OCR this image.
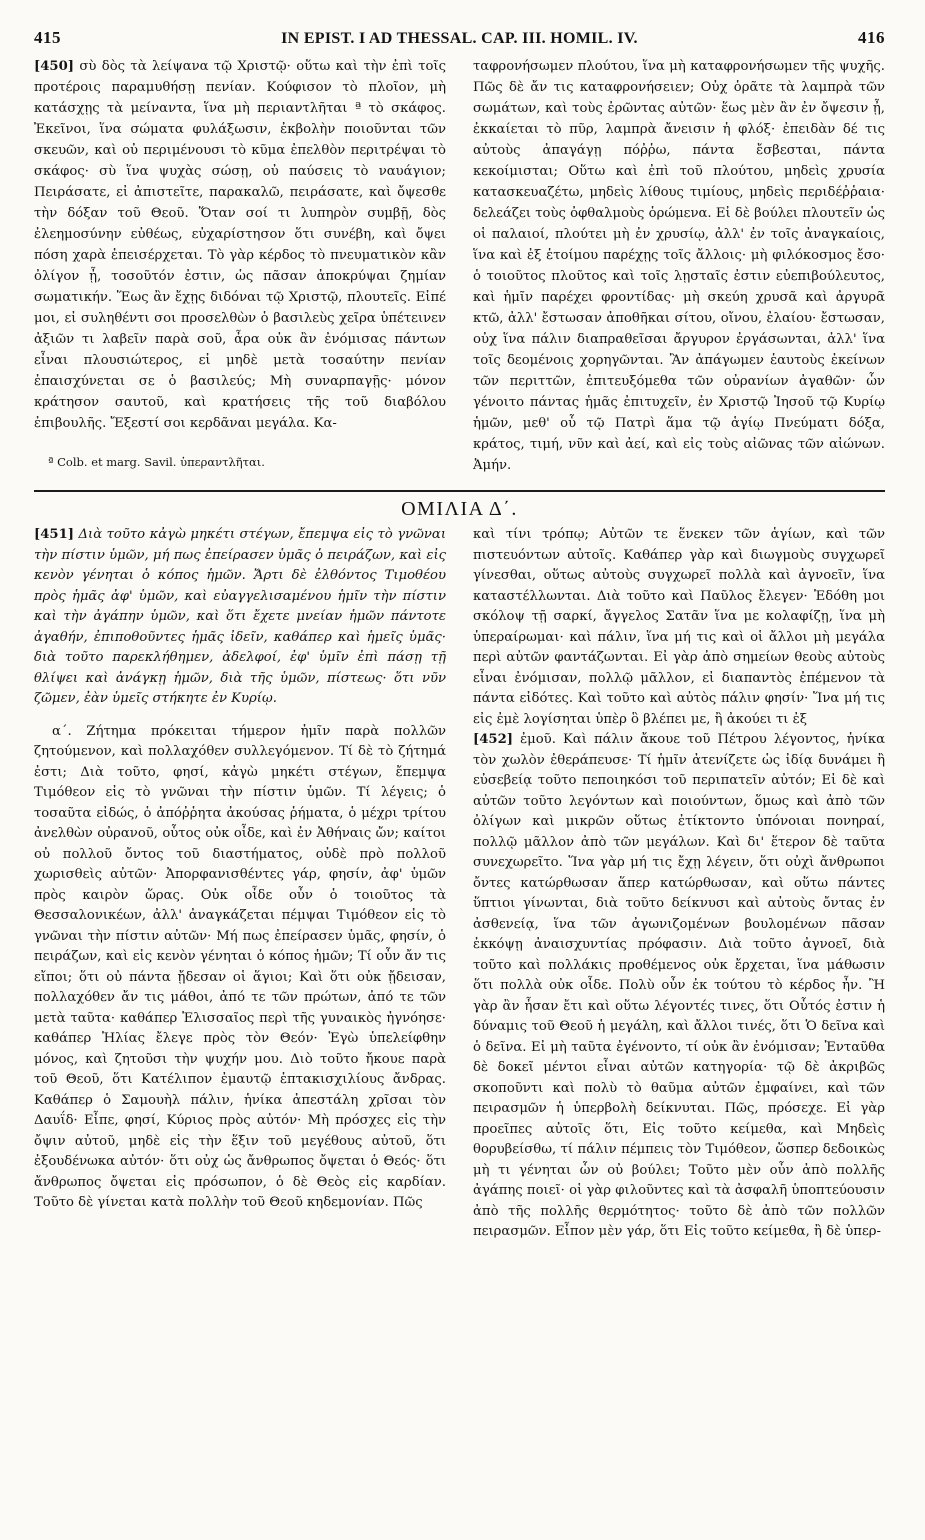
415	IN EPIST. I AD THESSAL. CAP. III. HOMIL. IV.	416

[450] σὺ δὸς τὰ λείψανα τῷ Χριστῷ· οὕτω καὶ τὴν ἐπὶ τοῖς προτέροις παραμυθήσῃ πενίαν. Κούφισον τὸ πλοῖον, μὴ κατάσχῃς τὰ μείναντα, ἵνα μὴ περιαντλῆται ª τὸ σκάφος. Ἐκεῖνοι, ἵνα σώματα φυλάξωσιν, ἐκβολὴν ποιοῦνται τῶν σκευῶν, καὶ οὐ περιμένουσι τὸ κῦμα ἐπελθὸν περιτρέψαι τὸ σκάφος· σὺ ἵνα ψυχὰς σώσῃ, οὐ παύσεις τὸ ναυάγιον; Πειράσατε, εἰ ἀπιστεῖτε, παρακαλῶ, πειράσατε, καὶ ὄψεσθε τὴν δόξαν τοῦ Θεοῦ. Ὅταν σοί τι λυπηρὸν συμβῇ, δὸς ἐλεημοσύνην εὐθέως, εὐχαρίστησον ὅτι συνέβη, καὶ ὄψει πόση χαρὰ ἐπεισέρχεται. Τὸ γὰρ κέρδος τὸ πνευματικὸν κἂν ὀλίγον ᾖ, τοσοῦτόν ἐστιν, ὡς πᾶσαν ἀποκρύψαι ζημίαν σωματικήν. Ἕως ἂν ἔχῃς διδόναι τῷ Χριστῷ, πλουτεῖς. Εἰπέ μοι, εἰ συληθέντι σοι προσελθὼν ὁ βασιλεὺς χεῖρα ὑπέτεινεν ἀξιῶν τι λαβεῖν παρὰ σοῦ, ἆρα οὐκ ἂν ἐνόμισας πάντων εἶναι πλουσιώτερος, εἰ μηδὲ μετὰ τοσαύτην πενίαν ἐπαισχύνεται σε ὁ βασιλεύς; Μὴ συναρπαγῇς· μόνον κράτησον σαυτοῦ, καὶ κρατήσεις τῆς τοῦ διαβόλου ἐπιβουλῆς. Ἔξεστί σοι κερδᾶναι μεγάλα. Κα-

ª Colb. et marg. Savil. ὑπεραντλῆται.

ταφρονήσωμεν πλούτου, ἵνα μὴ καταφρονήσωμεν τῆς ψυχῆς. Πῶς δὲ ἄν τις καταφρονήσειεν; Οὐχ ὁρᾶτε τὰ λαμπρὰ τῶν σωμάτων, καὶ τοὺς ἐρῶντας αὐτῶν· ἕως μὲν ἂν ἐν ὄψεσιν ᾖ, ἐκκαίεται τὸ πῦρ, λαμπρὰ ἄνεισιν ἡ φλόξ· ἐπειδὰν δέ τις αὐτοὺς ἀπαγάγῃ πόῤῥω, πάντα ἔσβεσται, πάντα κεκοίμισται; Οὕτω καὶ ἐπὶ τοῦ πλούτου, μηδεὶς χρυσία κατασκευαζέτω, μηδεὶς λίθους τιμίους, μηδεὶς περιδέῤῥαια· δελεάζει τοὺς ὀφθαλμοὺς ὁρώμενα. Εἰ δὲ βούλει πλουτεῖν ὡς οἱ παλαιοί, πλούτει μὴ ἐν χρυσίῳ, ἀλλ' ἐν τοῖς ἀναγκαίοις, ἵνα καὶ ἐξ ἑτοίμου παρέχῃς τοῖς ἄλλοις· μὴ φιλόκοσμος ἔσο· ὁ τοιοῦτος πλοῦτος καὶ τοῖς λῃσταῖς ἐστιν εὐεπιβούλευτος, καὶ ἡμῖν παρέχει φροντίδας· μὴ σκεύη χρυσᾶ καὶ ἀργυρᾶ κτῶ, ἀλλ' ἔστωσαν ἀποθῆκαι σίτου, οἴνου, ἐλαίου· ἔστωσαν, οὐχ ἵνα πάλιν διαπραθεῖσαι ἄργυρον ἐργάσωνται, ἀλλ' ἵνα τοῖς δεομένοις χορηγῶνται. Ἂν ἀπάγωμεν ἑαυτοὺς ἐκείνων τῶν περιττῶν, ἐπιτευξόμεθα τῶν οὐρανίων ἀγαθῶν· ὧν γένοιτο πάντας ἡμᾶς ἐπιτυχεῖν, ἐν Χριστῷ Ἰησοῦ τῷ Κυρίῳ ἡμῶν, μεθ' οὗ τῷ Πατρὶ ἅμα τῷ ἁγίῳ Πνεύματι δόξα, κράτος, τιμή, νῦν καὶ ἀεί, καὶ εἰς τοὺς αἰῶνας τῶν αἰώνων. Ἀμήν.

ΟΜΙΛΙΑ Δ΄.

[451] Διὰ τοῦτο κἀγὼ μηκέτι στέγων, ἔπεμψα εἰς τὸ γνῶναι τὴν πίστιν ὑμῶν, μή πως ἐπείρασεν ὑμᾶς ὁ πειράζων, καὶ εἰς κενὸν γένηται ὁ κόπος ἡμῶν. Ἄρτι δὲ ἐλθόντος Τιμοθέου πρὸς ἡμᾶς ἀφ' ὑμῶν, καὶ εὐαγγελισαμένου ἡμῖν τὴν πίστιν καὶ τὴν ἀγάπην ὑμῶν, καὶ ὅτι ἔχετε μνείαν ἡμῶν πάντοτε ἀγαθήν, ἐπιποθοῦντες ἡμᾶς ἰδεῖν, καθάπερ καὶ ἡμεῖς ὑμᾶς· διὰ τοῦτο παρεκλήθημεν, ἀδελφοί, ἐφ' ὑμῖν ἐπὶ πάσῃ τῇ θλίψει καὶ ἀνάγκῃ ἡμῶν, διὰ τῆς ὑμῶν, πίστεως· ὅτι νῦν ζῶμεν, ἐὰν ὑμεῖς στήκητε ἐν Κυρίῳ.

α΄. Ζήτημα πρόκειται τήμερον ἡμῖν παρὰ πολλῶν ζητούμενον, καὶ πολλαχόθεν συλλεγόμενον. Τί δὲ τὸ ζήτημά ἐστι; Διὰ τοῦτο, φησί, κἀγὼ μηκέτι στέγων, ἔπεμψα Τιμόθεον εἰς τὸ γνῶναι τὴν πίστιν ὑμῶν. Τί λέγεις; ὁ τοσαῦτα εἰδώς, ὁ ἀπόῤῥητα ἀκούσας ῥήματα, ὁ μέχρι τρίτου ἀνελθὼν οὐρανοῦ, οὗτος οὐκ οἶδε, καὶ ἐν Ἀθήναις ὤν; καίτοι οὐ πολλοῦ ὄντος τοῦ διαστήματος, οὐδὲ πρὸ πολλοῦ χωρισθεὶς αὐτῶν· Ἀπορφανισθέντες γάρ, φησίν, ἀφ' ὑμῶν πρὸς καιρὸν ὥρας. Οὐκ οἶδε οὖν ὁ τοιοῦτος τὰ Θεσσαλονικέων, ἀλλ' ἀναγκάζεται πέμψαι Τιμόθεον εἰς τὸ γνῶναι τὴν πίστιν αὐτῶν· Μή πως ἐπείρασεν ὑμᾶς, φησίν, ὁ πειράζων, καὶ εἰς κενὸν γένηται ὁ κόπος ἡμῶν; Τί οὖν ἄν τις εἴποι; ὅτι οὐ πάντα ᾔδεσαν οἱ ἅγιοι; Καὶ ὅτι οὐκ ᾔδεισαν, πολλαχόθεν ἄν τις μάθοι, ἀπό τε τῶν πρώτων, ἀπό τε τῶν μετὰ ταῦτα· καθάπερ Ἐλισσαῖος περὶ τῆς γυναικὸς ἠγνόησε· καθάπερ Ἠλίας ἔλεγε πρὸς τὸν Θεόν· Ἐγὼ ὑπελείφθην μόνος, καὶ ζητοῦσι τὴν ψυχήν μου. Διὸ τοῦτο ἤκουε παρὰ τοῦ Θεοῦ, ὅτι Κατέλιπον ἐμαυτῷ ἑπτακισχιλίους ἄνδρας. Καθάπερ ὁ Σαμουὴλ πάλιν, ἡνίκα ἀπεστάλη χρῖσαι τὸν Δαυΐδ· Εἶπε, φησί, Κύριος πρὸς αὐτόν· Μὴ πρόσχες εἰς τὴν ὄψιν αὐτοῦ, μηδὲ εἰς τὴν ἕξιν τοῦ μεγέθους αὐτοῦ, ὅτι ἐξουδένωκα αὐτόν· ὅτι οὐχ ὡς ἄνθρωπος ὄψεται ὁ Θεός· ὅτι ἄνθρωπος ὄψεται εἰς πρόσωπον, ὁ δὲ Θεὸς εἰς καρδίαν. Τοῦτο δὲ γίνεται κατὰ πολλὴν τοῦ Θεοῦ κηδεμονίαν. Πῶς

καὶ τίνι τρόπῳ; Αὐτῶν τε ἕνεκεν τῶν ἁγίων, καὶ τῶν πιστευόντων αὐτοῖς. Καθάπερ γὰρ καὶ διωγμοὺς συγχωρεῖ γίνεσθαι, οὕτως αὐτοὺς συγχωρεῖ πολλὰ καὶ ἀγνοεῖν, ἵνα καταστέλλωνται. Διὰ τοῦτο καὶ Παῦλος ἔλεγεν· Ἐδόθη μοι σκόλοψ τῇ σαρκί, ἄγγελος Σατᾶν ἵνα με κολαφίζῃ, ἵνα μὴ ὑπεραίρωμαι· καὶ πάλιν, ἵνα μή τις καὶ οἱ ἄλλοι μὴ μεγάλα περὶ αὐτῶν φαντάζωνται. Εἰ γὰρ ἀπὸ σημείων θεοὺς αὐτοὺς εἶναι ἐνόμισαν, πολλῷ μᾶλλον, εἰ διαπαντὸς ἐπέμενον τὰ πάντα εἰδότες. Καὶ τοῦτο καὶ αὐτὸς πάλιν φησίν· Ἵνα μή τις εἰς ἐμὲ λογίσηται ὑπὲρ ὃ βλέπει με, ἢ ἀκούει τι ἐξ
[452] ἐμοῦ. Καὶ πάλιν ἄκουε τοῦ Πέτρου λέγοντος, ἡνίκα τὸν χωλὸν ἐθεράπευσε· Τί ἡμῖν ἀτενίζετε ὡς ἰδίᾳ δυνάμει ἢ εὐσεβείᾳ τοῦτο πεποιηκόσι τοῦ περιπατεῖν αὐτόν; Εἰ δὲ καὶ αὐτῶν τοῦτο λεγόντων καὶ ποιούντων, ὅμως καὶ ἀπὸ τῶν ὀλίγων καὶ μικρῶν οὕτως ἐτίκτοντο ὑπόνοιαι πονηραί, πολλῷ μᾶλλον ἀπὸ τῶν μεγάλων. Καὶ δι' ἕτερον δὲ ταῦτα συνεχωρεῖτο. Ἵνα γὰρ μή τις ἔχῃ λέγειν, ὅτι οὐχὶ ἄνθρωποι ὄντες κατώρθωσαν ἅπερ κατώρθωσαν, καὶ οὕτω πάντες ὕπτιοι γίνωνται, διὰ τοῦτο δείκνυσι καὶ αὐτοὺς ὄντας ἐν ἀσθενείᾳ, ἵνα τῶν ἀγωνιζομένων βουλομένων πᾶσαν ἐκκόψῃ ἀναισχυντίας πρόφασιν. Διὰ τοῦτο ἀγνοεῖ, διὰ τοῦτο καὶ πολλάκις προθέμενος οὐκ ἔρχεται, ἵνα μάθωσιν ὅτι πολλὰ οὐκ οἶδε. Πολὺ οὖν ἐκ τούτου τὸ κέρδος ἦν. Ἢ γὰρ ἂν ἦσαν ἔτι καὶ οὕτω λέγοντές τινες, ὅτι Οὗτός ἐστιν ἡ δύναμις τοῦ Θεοῦ ἡ μεγάλη, καὶ ἄλλοι τινές, ὅτι Ὁ δεῖνα καὶ ὁ δεῖνα. Εἰ μὴ ταῦτα ἐγένοντο, τί οὐκ ἂν ἐνόμισαν; Ἐνταῦθα δὲ δοκεῖ μέντοι εἶναι αὐτῶν κατηγορία· τῷ δὲ ἀκριβῶς σκοποῦντι καὶ πολὺ τὸ θαῦμα αὐτῶν ἐμφαίνει, καὶ τῶν πειρασμῶν ἡ ὑπερβολὴ δείκνυται. Πῶς, πρόσεχε. Εἰ γὰρ προεῖπες αὐτοῖς ὅτι, Εἰς τοῦτο κείμεθα, καὶ Μηδεὶς θορυβείσθω, τί πάλιν πέμπεις τὸν Τιμόθεον, ὥσπερ δεδοικὼς μὴ τι γένηται ὧν οὐ βούλει; Τοῦτο μὲν οὖν ἀπὸ πολλῆς ἀγάπης ποιεῖ· οἱ γὰρ φιλοῦντες καὶ τὰ ἀσφαλῆ ὑποπτεύουσιν ἀπὸ τῆς πολλῆς θερμότητος· τοῦτο δὲ ἀπὸ τῶν πολλῶν πειρασμῶν. Εἶπον μὲν γάρ, ὅτι Εἰς τοῦτο κείμεθα, ἢ δὲ ὑπερ-
